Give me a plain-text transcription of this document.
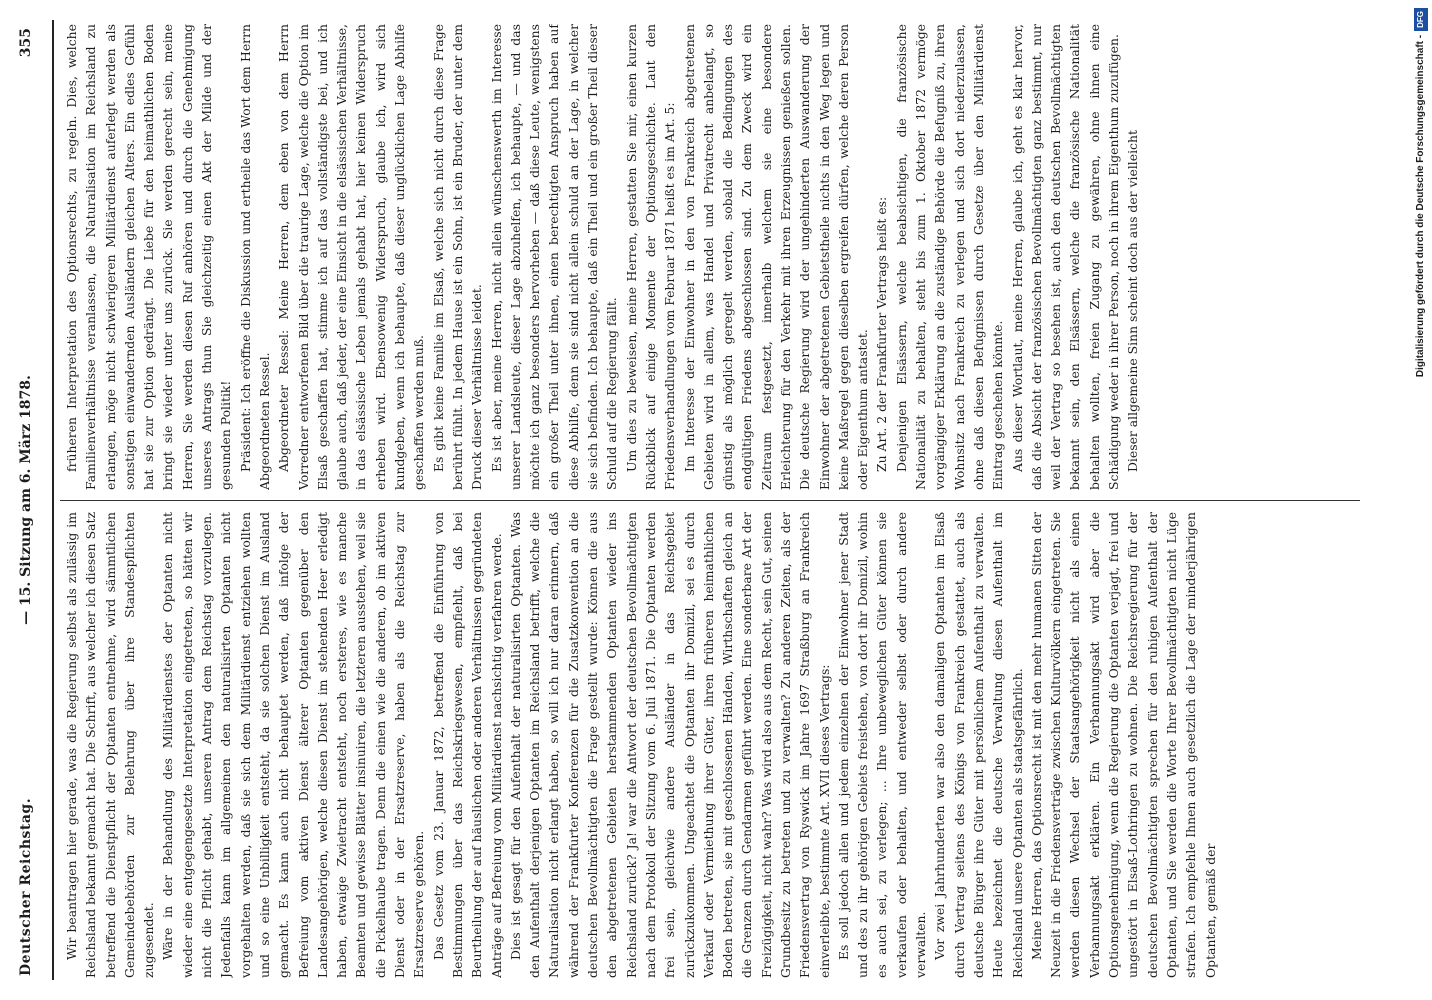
Deutscher Reichstag.
— 15. Sitzung am 6. März 1878.
355

Wir beantragen hier gerade, was die Regierung selbst als zulässig im Reichsland bekannt gemacht hat. Die Schrift, aus welcher ich diesen Satz betreffend die Dienstpflicht der Optanten entnehme, wird sämmtlichen Gemeindebehörden zur Belehrung über ihre Standespflichten zugesendet. Wäre in der Behandlung des Militärdienstes der Optanten nicht wieder eine entgegengesetzte Interpretation eingetreten, so hätten wir nicht die Pflicht gehabt, unseren Antrag dem Reichstag vorzulegen. Jedenfalls kann im allgemeinen den naturalisirten Optanten nicht vorgehalten werden, daß sie sich dem Militärdienst entziehen wollten und so eine Unbilligkeit entsteht, da sie solchen Dienst im Ausland gemacht. Es kann auch nicht behauptet werden, daß infolge der Befreiung vom aktiven Dienst älterer Optanten gegenüber den Landesangehörigen, welche diesen Dienst im stehenden Heer erledigt haben, etwaige Zwietracht entsteht, noch ersteres, wie es manche Beamten und gewisse Blätter insinuiren, die letzteren ausstehen, weil sie die Pickelhaube tragen. Denn die einen wie die anderen, ob im aktiven Dienst oder in der Ersatzreserve, haben als die Reichstag zur Ersatzreserve gehören. Das Gesetz vom 23. Januar 1872, betreffend die Einführung von Bestimmungen über das Reichskriegswesen, empfiehlt, daß bei Beurtheilung der auf häuslichen oder anderen Verhältnissen gegründeten Anträge auf Befreiung vom Militärdienst nachsichtig verfahren werde. Dies ist gesagt für den Aufenthalt der naturalisirten Optanten. Was den Aufenthalt derjenigen Optanten im Reichsland betrifft, welche die Naturalisation nicht erlangt haben, so will ich nur daran erinnern, daß während der Frankfurter Konferenzen für die Zusatzkonvention an die deutschen Bevollmächtigten die Frage gestellt wurde: Können die aus den abgetretenen Gebieten herstammenden Optanten wieder ins Reichsland zurück? Ja! war die Antwort der deutschen Bevollmächtigten nach dem Protokoll der Sitzung vom 6. Juli 1871. Die Optanten werden frei sein, gleichwie andere Ausländer in das Reichsgebiet zurückzukommen. Ungeachtet die Optanten ihr Domizil, sei es durch Verkauf oder Vermiethung ihrer Güter, ihren früheren heimathlichen Boden betreten, sie mit geschlossenen Händen, Wirthschaften gleich an die Grenzen durch Gendarmen geführt werden. Eine sonderbare Art der Freizügigkeit, nicht wahr? Was wird also aus dem Recht, sein Gut, seinen Grundbesitz zu betreten und zu verwalten? Zu anderen Zeiten, als der Friedensvertrag von Ryswick im Jahre 1697 Straßburg an Frankreich einverleibte, bestimmte Art. XVII dieses Vertrags: Es soll jedoch allen und jedem einzelnen der Einwohner jener Stadt und des zu ihr gehörigen Gebiets freistehen, von dort ihr Domizil, wohin es auch sei, zu verlegen; ... Ihre unbeweglichen Güter können sie verkaufen oder behalten, und entweder selbst oder durch andere verwalten. Vor zwei Jahrhunderten war also den damaligen Optanten im Elsaß durch Vertrag seitens des Königs von Frankreich gestattet, auch als deutsche Bürger ihre Güter mit persönlichem Aufenthalt zu verwalten. Heute bezeichnet die deutsche Verwaltung diesen Aufenthalt im Reichsland unsere Optanten als staatsgefährlich. Meine Herren, das Optionsrecht ist mit den mehr humanen Sitten der Neuzeit in die Friedensverträge zwischen Kulturvölkern eingetreten. Sie werden diesen Wechsel der Staatsangehörigkeit nicht als einen Verbannungsakt erklären. Ein Verbannungsakt wird aber die Optionsgenehmigung, wenn die Regierung die Optanten verjagt, frei und ungestört in Elsaß-Lothringen zu wohnen. Die Reichsregierung für der deutschen Bevollmächtigten sprechen für den ruhigen Aufenthalt der Optanten, und Sie werden die Worte Ihrer Bevollmächtigten nicht Lüge strafen. Ich empfehle Ihnen auch gesetzlich die Lage der minderjährigen Optanten, gemäß der

früheren Interpretation des Optionsrechts, zu regeln. Dies, welche Familienverhältnisse veranlassen, die Naturalisation im Reichsland zu erlangen, möge nicht schwierigeren Militärdienst auferlegt werden als sonstigen einwandernden Ausländern gleichen Alters. Ein edles Gefühl hat sie zur Option gedrängt. Die Liebe für den heimathlichen Boden bringt sie wieder unter uns zurück. Sie werden gerecht sein, meine Herren, Sie werden diesen Ruf anhören und durch die Genehmigung unseres Antrags thun Sie gleichzeitig einen Akt der Milde und der gesunden Politik! Präsident: Ich eröffne die Diskussion und ertheile das Wort dem Herrn Abgeordneten Ressel. Abgeordneter Ressel: Meine Herren, dem eben von dem Herrn Vorredner entworfenen Bild über die traurige Lage, welche die Option im Elsaß geschaffen hat, stimme ich auf das vollständigste bei, und ich glaube auch, daß jeder, der eine Einsicht in die elsässischen Verhältnisse, in das elsässische Leben jemals gehabt hat, hier keinen Widerspruch erheben wird. Ebensowenig Widerspruch, glaube ich, wird sich kundgeben, wenn ich behaupte, daß dieser unglücklichen Lage Abhilfe geschaffen werden muß. Es gibt keine Familie im Elsaß, welche sich nicht durch diese Frage berührt fühlt. In jedem Hause ist ein Sohn, ist ein Bruder, der unter dem Druck dieser Verhältnisse leidet. Es ist aber, meine Herren, nicht allein wünschenswerth im Interesse unserer Landsleute, dieser Lage abzuhelfen, ich behaupte, — und das möchte ich ganz besonders hervorheben — daß diese Leute, wenigstens ein großer Theil unter ihnen, einen berechtigten Anspruch haben auf diese Abhilfe, denn sie sind nicht allein schuld an der Lage, in welcher sie sich befinden. Ich behaupte, daß ein Theil und ein großer Theil dieser Schuld auf die Regierung fällt. Um dies zu beweisen, meine Herren, gestatten Sie mir, einen kurzen Rückblick auf einige Momente der Optionsgeschichte. Laut den Friedensverhandlungen vom Februar 1871 heißt es im Art. 5: Im Interesse der Einwohner in den von Frankreich abgetretenen Gebieten wird in allem, was Handel und Privatrecht anbelangt, so günstig als möglich geregelt werden, sobald die Bedingungen des endgültigen Friedens abgeschlossen sind. Zu dem Zweck wird ein Zeitraum festgesetzt, innerhalb welchem sie eine besondere Erleichterung für den Verkehr mit ihren Erzeugnissen genießen sollen. Die deutsche Regierung wird der ungehinderten Auswanderung der Einwohner der abgetretenen Gebietstheile nichts in den Weg legen und keine Maßregel gegen dieselben ergreifen dürfen, welche deren Person oder Eigenthum antastet. Zu Art. 2 der Frankfurter Vertrags heißt es: Denjenigen Elsässern, welche beabsichtigen, die französische Nationalität zu behalten, steht bis zum 1. Oktober 1872 vermöge vorgängiger Erklärung an die zuständige Behörde die Befugniß zu, ihren Wohnsitz nach Frankreich zu verlegen und sich dort niederzulassen, ohne daß diesen Befugnissen durch Gesetze über den Militärdienst Eintrag geschehen könnte. Aus dieser Wortlaut, meine Herren, glaube ich, geht es klar hervor, daß die Absicht der französischen Bevollmächtigten ganz bestimmt, nur weil der Vertrag so besehen ist, auch den deutschen Bevollmächtigten bekannt sein, den Elsässern, welche die französische Nationalität behalten wollten, freien Zugang zu gewähren, ohne ihnen eine Schädigung weder in ihrer Person, noch in ihrem Eigenthum zuzufügen. Dieser allgemeine Sinn scheint doch aus der vielleicht	Digitalisierung gefördert durch die Deutsche Forschungsgemeinschaft -
DFG
